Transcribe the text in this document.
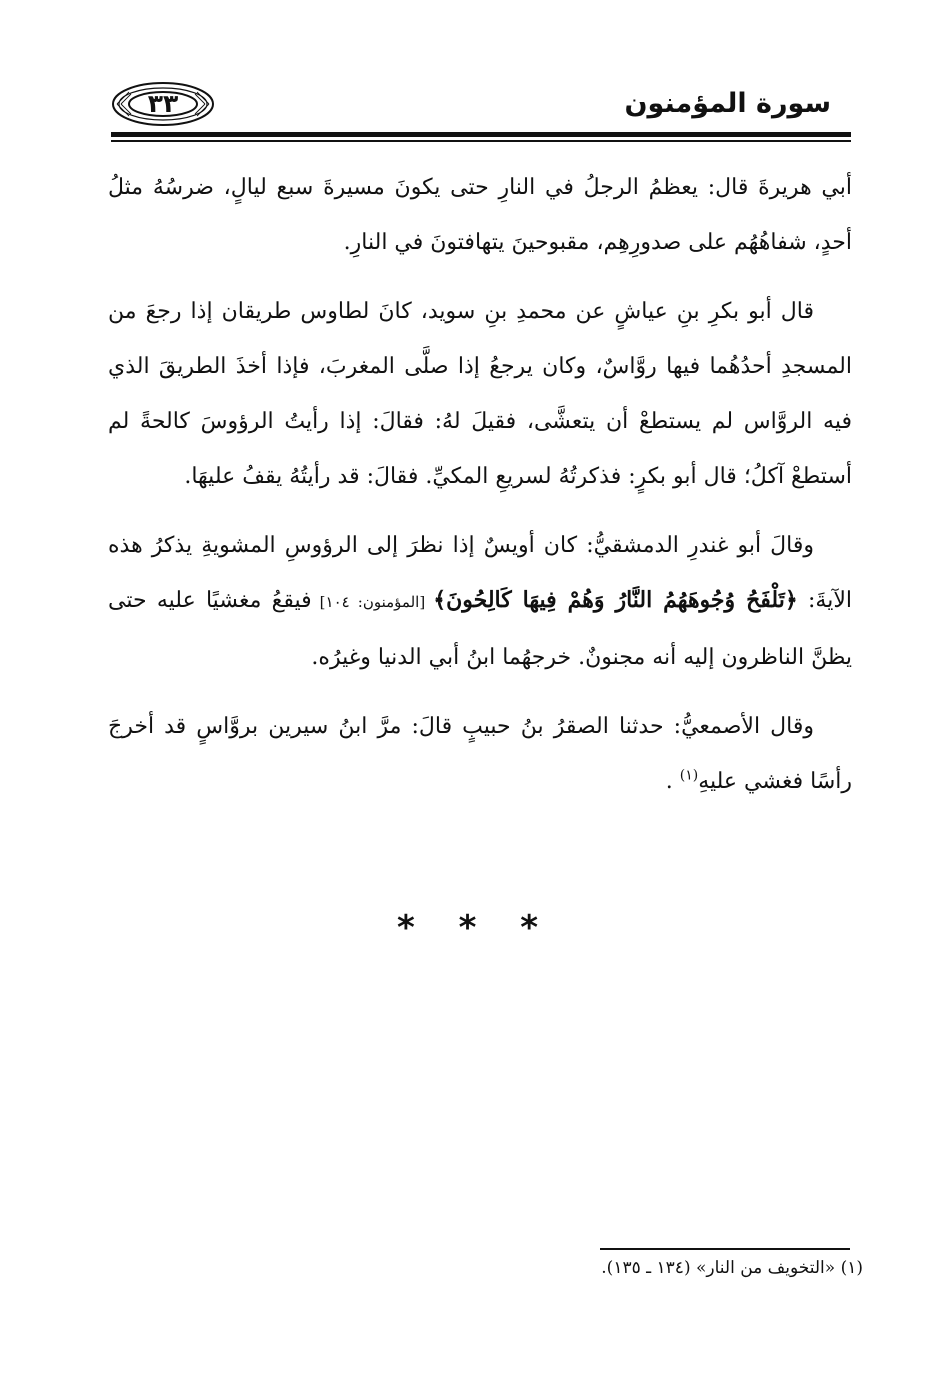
سورة المؤمنون
٣٣

أبي هريرةَ قال: يعظمُ الرجلُ في النارِ حتى يكونَ مسيرةَ سبع ليالٍ، ضرسُهُ مثلُ أحدٍ، شفاهُهُم على صدورِهِم، مقبوحينَ يتهافتونَ في النارِ.

قال أبو بكرِ بنِ عياشٍ عن محمدِ بنِ سويد، كانَ لطاوس طريقان إذا رجعَ من المسجدِ أحدُهُما فيها روَّاسٌ، وكان يرجعُ إذا صلَّى المغربَ، فإذا أخذَ الطريقَ الذي فيه الروَّاس لم يستطعْ أن يتعشَّى، فقيلَ لهُ: فقالَ: إذا رأيتُ الرؤوسَ كالحةً لم أستطعْ آكلُ؛ قال أبو بكرٍ: فذكرتُهُ لسريعِ المكيِّ. فقالَ: قد رأيتُهُ يقفُ عليهَا.

وقالَ أبو غندرِ الدمشقيُّ: كان أويسٌ إذا نظرَ إلى الرؤوسِ المشويةِ يذكرُ هذه الآيةَ: ﴿تَلْفَحُ وُجُوهَهُمُ النَّارُ وَهُمْ فِيهَا كَالِحُونَ﴾ [المؤمنون: ١٠٤] فيقعُ مغشيًا عليه حتى يظنَّ الناظرون إليه أنه مجنونٌ. خرجهُما ابنُ أبي الدنيا وغيرُه.

وقال الأصمعيُّ: حدثنا الصقرُ بنُ حبيبٍ قالَ: مرَّ ابنُ سيرين بروَّاسٍ قد أخرجَ رأسًا فغشي عليهِ$^{(١)}$ .

* * *
(١) «التخويف من النار» (١٣٤ ـ ١٣٥).
